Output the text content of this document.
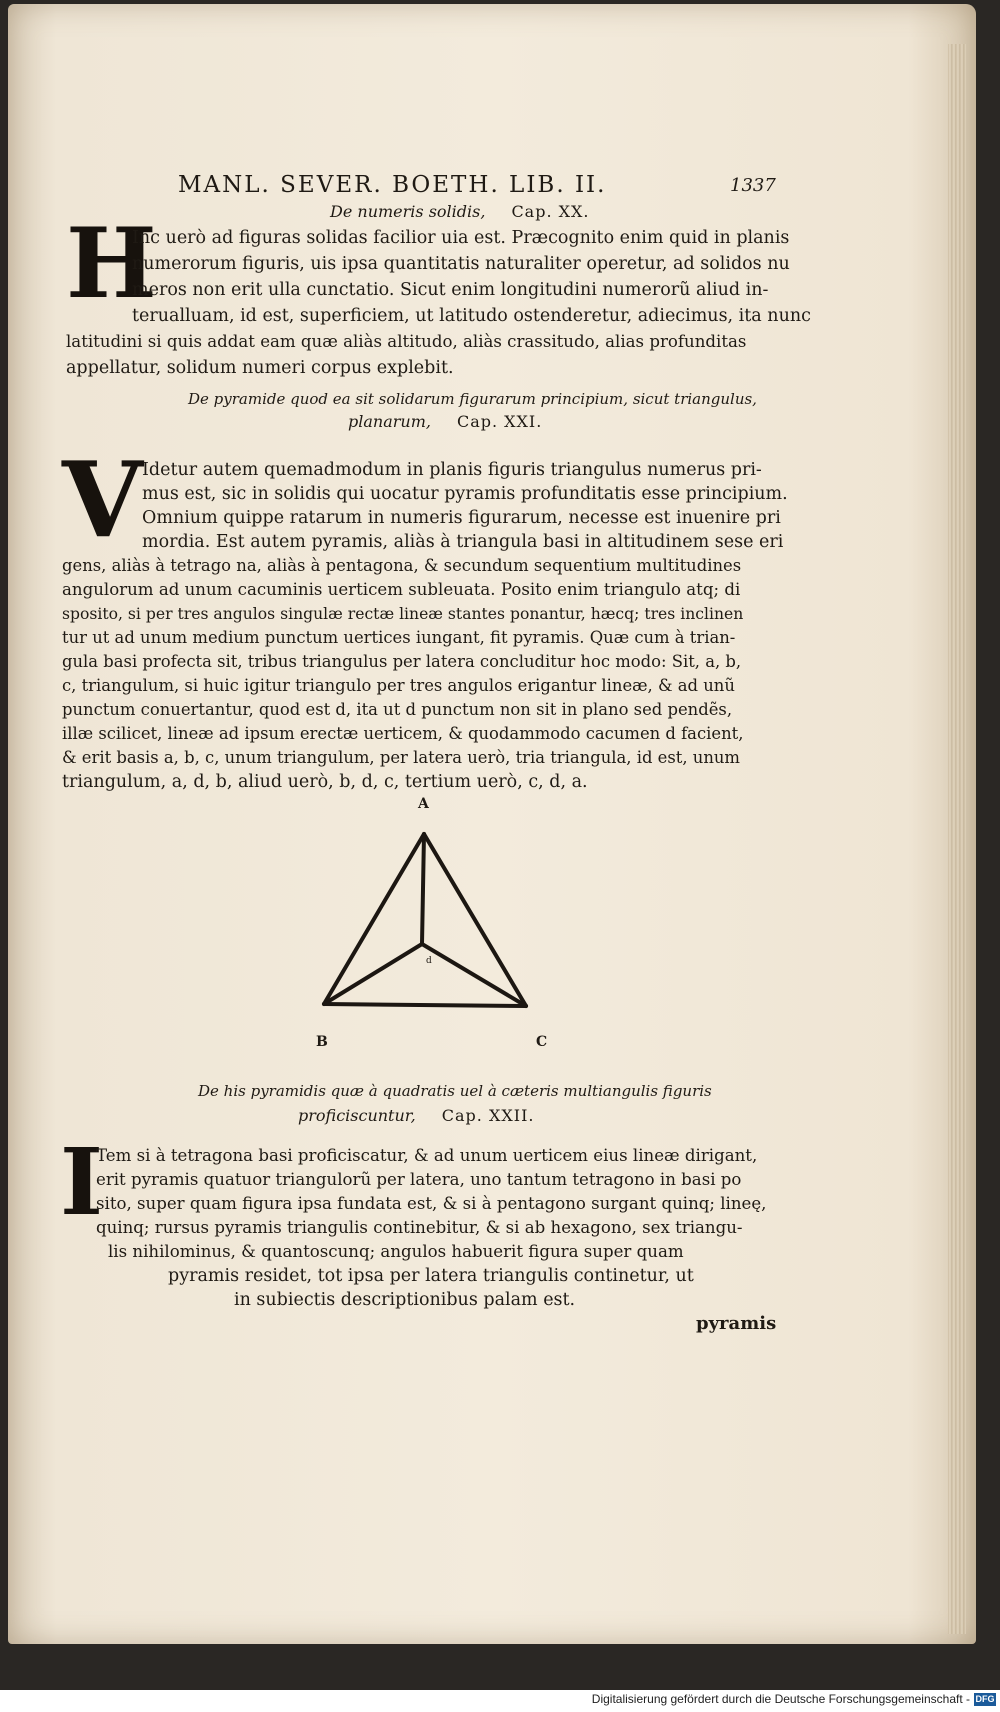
MANL. SEVER. BOETH. LIB. II.	1337
De numeris solidis, Cap. XX.
H
Inc uerò ad figuras solidas facilior uia est. Præcognito enim quid in planis
numerorum figuris, uis ipsa quantitatis naturaliter operetur, ad solidos nu
meros non erit ulla cunctatio. Sicut enim longitudini numerorũ aliud in-
terualluam, id est, superficiem, ut latitudo ostenderetur, adiecimus, ita nunc
latitudini si quis addat eam quæ aliàs altitudo, aliàs crassitudo, alias profunditas
appellatur, solidum numeri corpus explebit.
De pyramide quod ea sit solidarum figurarum principium, sicut triangulus,
planarum, Cap. XXI.
V Idetur autem quemadmodum in planis figuris triangulus numerus pri-
mus est, sic in solidis qui uocatur pyramis profunditatis esse principium.
Omnium quippe ratarum in numeris figurarum, necesse est inuenire pri
mordia. Est autem pyramis, aliàs à triangula basi in altitudinem sese eri
gens, aliàs à tetrago na, aliàs à pentagona, & secundum sequentium multitudines
angulorum ad unum cacuminis uerticem subleuata. Posito enim triangulo atq; di
sposito, si per tres angulos singulæ rectæ lineæ stantes ponantur, hæcq; tres inclinen
tur ut ad unum medium punctum uertices iungant, fit pyramis. Quæ cum à trian-
gula basi profecta sit, tribus triangulus per latera concluditur hoc modo: Sit, a, b,
c, triangulum, si huic igitur triangulo per tres angulos erigantur lineæ, & ad unũ
punctum conuertantur, quod est d, ita ut d punctum non sit in plano sed pendẽs,
illæ scilicet, lineæ ad ipsum erectæ uerticem, & quodammodo cacumen d facient,
& erit basis a, b, c, unum triangulum, per latera uerò, tria triangula, id est, unum
triangulum, a, d, b, aliud uerò, b, d, c, tertium uerò, c, d, a.
A
d
B	C
De his pyramidis quæ à quadratis uel à cæteris multiangulis figuris
proficiscuntur, Cap. XXII.
I
Tem si à tetragona basi proficiscatur, & ad unum uerticem eius lineæ dirigant,
erit pyramis quatuor triangulorũ per latera, uno tantum tetragono in basi po
sito, super quam figura ipsa fundata est, & si à pentagono surgant quinq; lineę,
quinq; rursus pyramis triangulis continebitur, & si ab hexagono, sex triangu-
lis nihilominus, & quantoscunq; angulos habuerit figura super quam
pyramis residet, tot ipsa per latera triangulis continetur, ut
in subiectis descriptionibus palam est.
pyramis
Digitalisierung gefördert durch die Deutsche Forschungsgemeinschaft - DFG
